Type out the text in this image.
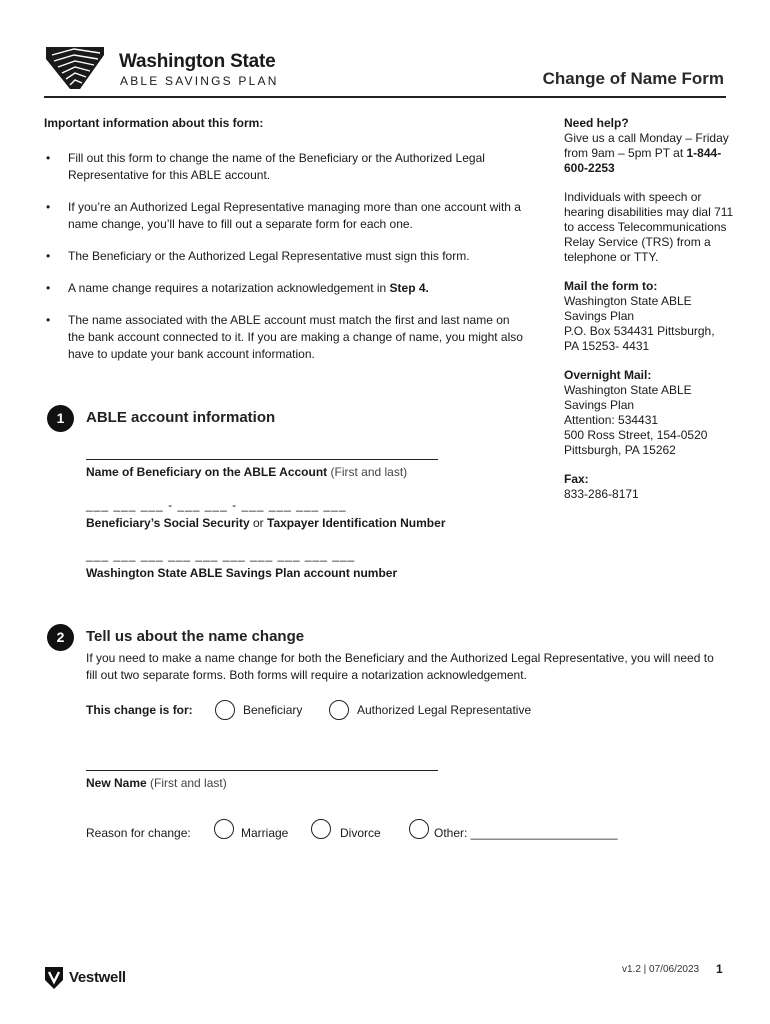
Washington State
ABLE SAVINGS PLAN	Change of Name Form
Important information about this form:
• Fill out this form to change the name of the Beneficiary or the Authorized Legal Representative for this ABLE account.
• If you’re an Authorized Legal Representative managing more than one account with a name change, you’ll have to fill out a separate form for each one.
• The Beneficiary or the Authorized Legal Representative must sign this form.
• A name change requires a notarization acknowledgement in Step 4.
• The name associated with the ABLE account must match the first and last name on the bank account connected to it. If you are making a change of name, you might also have to update your bank account information.
Need help?
Give us a call Monday – Friday from 9am – 5pm PT at 1-844-600-2253
Individuals with speech or hearing disabilities may dial 711 to access Telecommunications Relay Service (TRS) from a telephone or TTY.
Mail the form to:
Washington State ABLE
Savings Plan
P.O. Box 534431 Pittsburgh,
PA 15253- 4431
Overnight Mail:
Washington State ABLE
Savings Plan
Attention: 534431
500 Ross Street, 154-0520
Pittsburgh, PA 15262
Fax:
833-286-8171
1	ABLE account information
Name of Beneficiary on the ABLE Account (First and last)
___ ___ ___ - ___ ___ - ___ ___ ___ ___
Beneficiary’s Social Security or Taxpayer Identification Number
___ ___ ___ ___ ___ ___ ___ ___ ___ ___
Washington State ABLE Savings Plan account number
2	Tell us about the name change
If you need to make a name change for both the Beneficiary and the Authorized Legal Representative, you will need to fill out two separate forms. Both forms will require a notarization acknowledgement.
This change is for:	Beneficiary	Authorized Legal Representative
New Name (First and last)
Reason for change:	Marriage	Divorce	Other: ______________________
Vestwell	v1.2 | 07/06/2023 1
